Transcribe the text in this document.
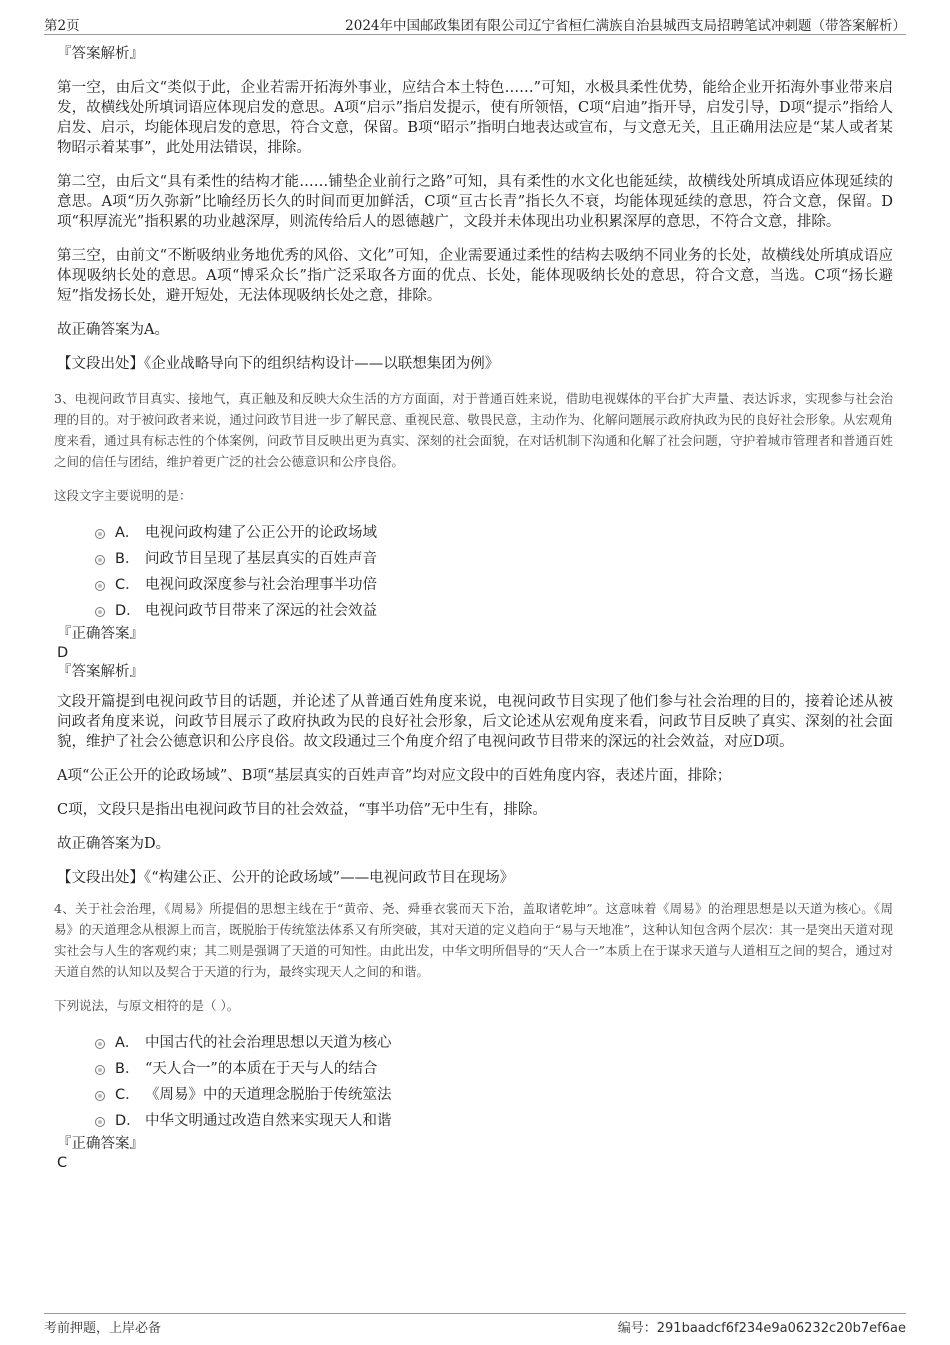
第2页	2024年中国邮政集团有限公司辽宁省桓仁满族自治县城西支局招聘笔试冲刺题（带答案解析）
『答案解析』

第一空，由后文“类似于此，企业若需开拓海外事业，应结合本土特色……”可知，水极具柔性优势，能给企业开拓海外事业带来启发，故横线处所填词语应体现启发的意思。A项“启示”指启发提示，使有所领悟，C项“启迪”指开导，启发引导，D项“提示”指给人启发、启示，均能体现启发的意思，符合文意，保留。B项“昭示”指明白地表达或宣布，与文意无关，且正确用法应是“某人或者某物昭示着某事”，此处用法错误，排除。

第二空，由后文“具有柔性的结构才能……铺垫企业前行之路”可知，具有柔性的水文化也能延续，故横线处所填成语应体现延续的意思。A项“历久弥新”比喻经历长久的时间而更加鲜活，C项“亘古长青”指长久不衰，均能体现延续的意思，符合文意，保留。D项“积厚流光”指积累的功业越深厚，则流传给后人的恩德越广，文段并未体现出功业积累深厚的意思，不符合文意，排除。

第三空，由前文“不断吸纳业务地优秀的风俗、文化”可知，企业需要通过柔性的结构去吸纳不同业务的长处，故横线处所填成语应体现吸纳长处的意思。A项“博采众长”指广泛采取各方面的优点、长处，能体现吸纳长处的意思，符合文意，当选。C项“扬长避短”指发扬长处，避开短处，无法体现吸纳长处之意，排除。

故正确答案为A。

【文段出处】《企业战略导向下的组织结构设计——以联想集团为例》

3、电视问政节目真实、接地气，真正触及和反映大众生活的方方面面，对于普通百姓来说，借助电视媒体的平台扩大声量、表达诉求，实现参与社会治理的目的。对于被问政者来说，通过问政节目进一步了解民意、重视民意、敬畏民意，主动作为、化解问题展示政府执政为民的良好社会形象。从宏观角度来看，通过具有标志性的个体案例，问政节目反映出更为真实、深刻的社会面貌，在对话机制下沟通和化解了社会问题，守护着城市管理者和普通百姓之间的信任与团结，维护着更广泛的社会公德意识和公序良俗。

这段文字主要说明的是：
A． 电视问政构建了公正公开的论政场域
B． 问政节目呈现了基层真实的百姓声音
C． 电视问政深度参与社会治理事半功倍
D． 电视问政节目带来了深远的社会效益
『正确答案』
D
『答案解析』

文段开篇提到电视问政节目的话题，并论述了从普通百姓角度来说，电视问政节目实现了他们参与社会治理的目的，接着论述从被问政者角度来说，问政节目展示了政府执政为民的良好社会形象，后文论述从宏观角度来看，问政节目反映了真实、深刻的社会面貌，维护了社会公德意识和公序良俗。故文段通过三个角度介绍了电视问政节目带来的深远的社会效益，对应D项。

A项“公正公开的论政场域”、B项“基层真实的百姓声音”均对应文段中的百姓角度内容，表述片面，排除；

C项，文段只是指出电视问政节目的社会效益，“事半功倍”无中生有，排除。

故正确答案为D。

【文段出处】《“构建公正、公开的论政场域”——电视问政节目在现场》

4、关于社会治理，《周易》所提倡的思想主线在于“黄帝、尧、舜垂衣裳而天下治，盖取诸乾坤”。这意味着《周易》的治理思想是以天道为核心。《周易》的天道理念从根源上而言，既脱胎于传统筮法体系又有所突破，其对天道的定义趋向于“易与天地准”，这种认知包含两个层次：其一是突出天道对现实社会与人生的客观约束；其二则是强调了天道的可知性。由此出发，中华文明所倡导的“天人合一”本质上在于谋求天道与人道相互之间的契合，通过对天道自然的认知以及契合于天道的行为，最终实现天人之间的和谐。

下列说法，与原文相符的是（ ）。
A． 中国古代的社会治理思想以天道为核心
B． “天人合一”的本质在于天与人的结合
C． 《周易》中的天道理念脱胎于传统筮法
D． 中华文明通过改造自然来实现天人和谐
『正确答案』
C
考前押题，上岸必备	编号：291baadcf6f234e9a06232c20b7ef6ae
